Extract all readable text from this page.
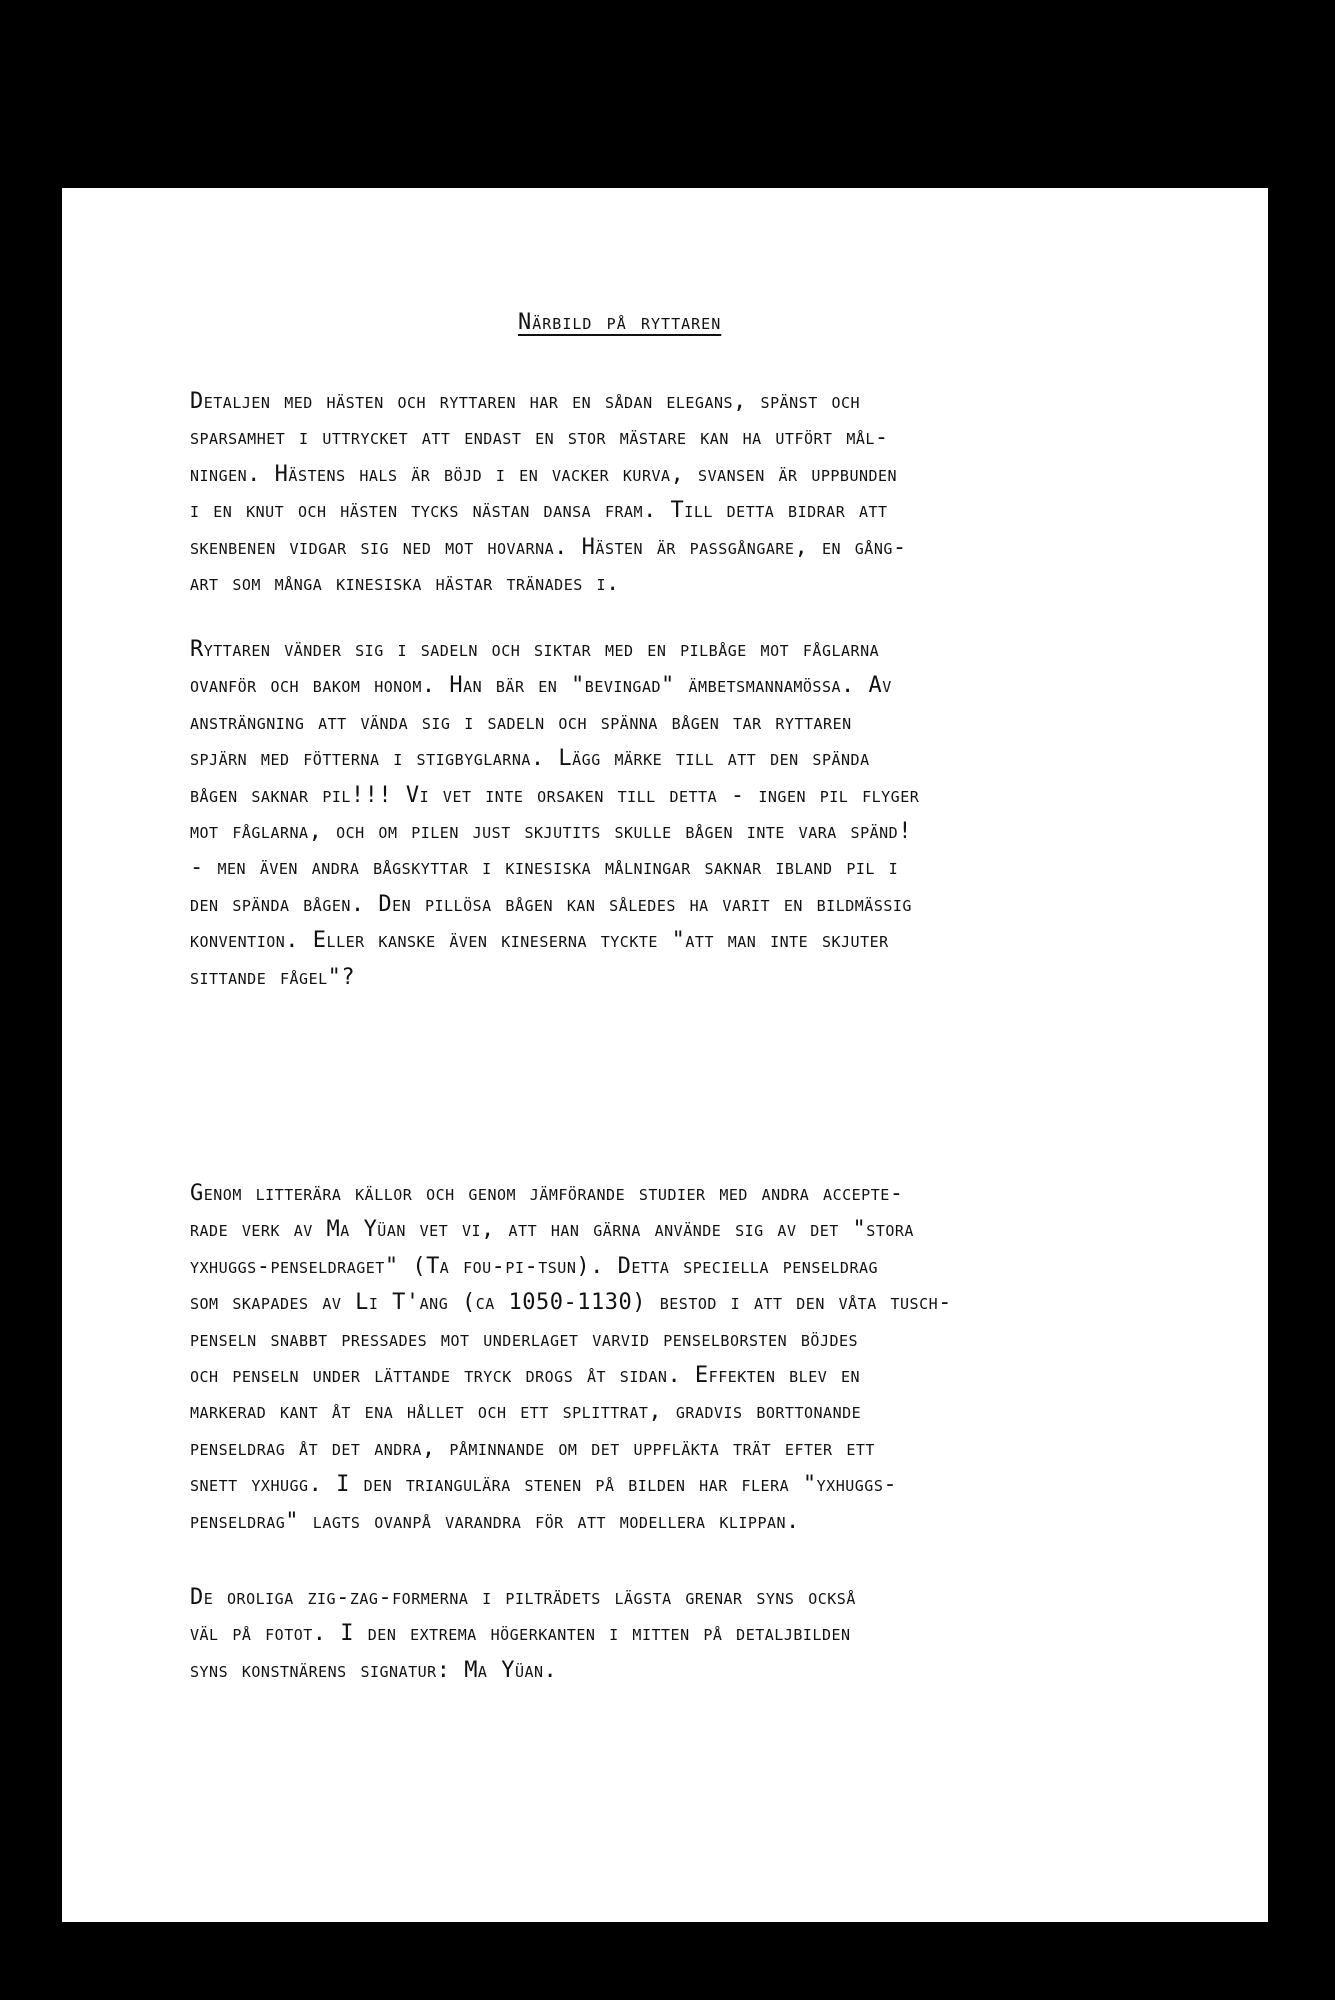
Närbild på ryttaren
Detaljen med hästen och ryttaren har en sådan elegans, spänst och
sparsamhet i uttrycket att endast en stor mästare kan ha utfört mål-
ningen. Hästens hals är böjd i en vacker kurva, svansen är uppbunden
i en knut och hästen tycks nästan dansa fram. Till detta bidrar att
skenbenen vidgar sig ned mot hovarna. Hästen är passgångare, en gång-
art som många kinesiska hästar tränades i.
Ryttaren vänder sig i sadeln och siktar med en pilbåge mot fåglarna
ovanför och bakom honom. Han bär en "bevingad" ämbetsmannamössa. Av
ansträngning att vända sig i sadeln och spänna bågen tar ryttaren
spjärn med fötterna i stigbyglarna. Lägg märke till att den spända
bågen saknar pil!!! Vi vet inte orsaken till detta - ingen pil flyger
mot fåglarna, och om pilen just skjutits skulle bågen inte vara spänd!
- men även andra bågskyttar i kinesiska målningar saknar ibland pil i
den spända bågen. Den pillösa bågen kan således ha varit en bildmässig
konvention. Eller kanske även kineserna tyckte "att man inte skjuter
sittande fågel"?
Genom litterära källor och genom jämförande studier med andra accepte-
rade verk av Ma Yüan vet vi, att han gärna använde sig av det "stora
yxhuggs-penseldraget" (Ta fou-pi-tsun). Detta speciella penseldrag
som skapades av Li T'ang (ca 1050-1130) bestod i att den våta tusch-
penseln snabbt pressades mot underlaget varvid penselborsten böjdes
och penseln under lättande tryck drogs åt sidan. Effekten blev en
markerad kant åt ena hållet och ett splittrat, gradvis borttonande
penseldrag åt det andra, påminnande om det uppfläkta trät efter ett
snett yxhugg. I den triangulära stenen på bilden har flera "yxhuggs-
penseldrag" lagts ovanpå varandra för att modellera klippan.
De oroliga zig-zag-formerna i pilträdets lägsta grenar syns också
väl på fotot. I den extrema högerkanten i mitten på detaljbilden
syns konstnärens signatur: Ma Yüan.
